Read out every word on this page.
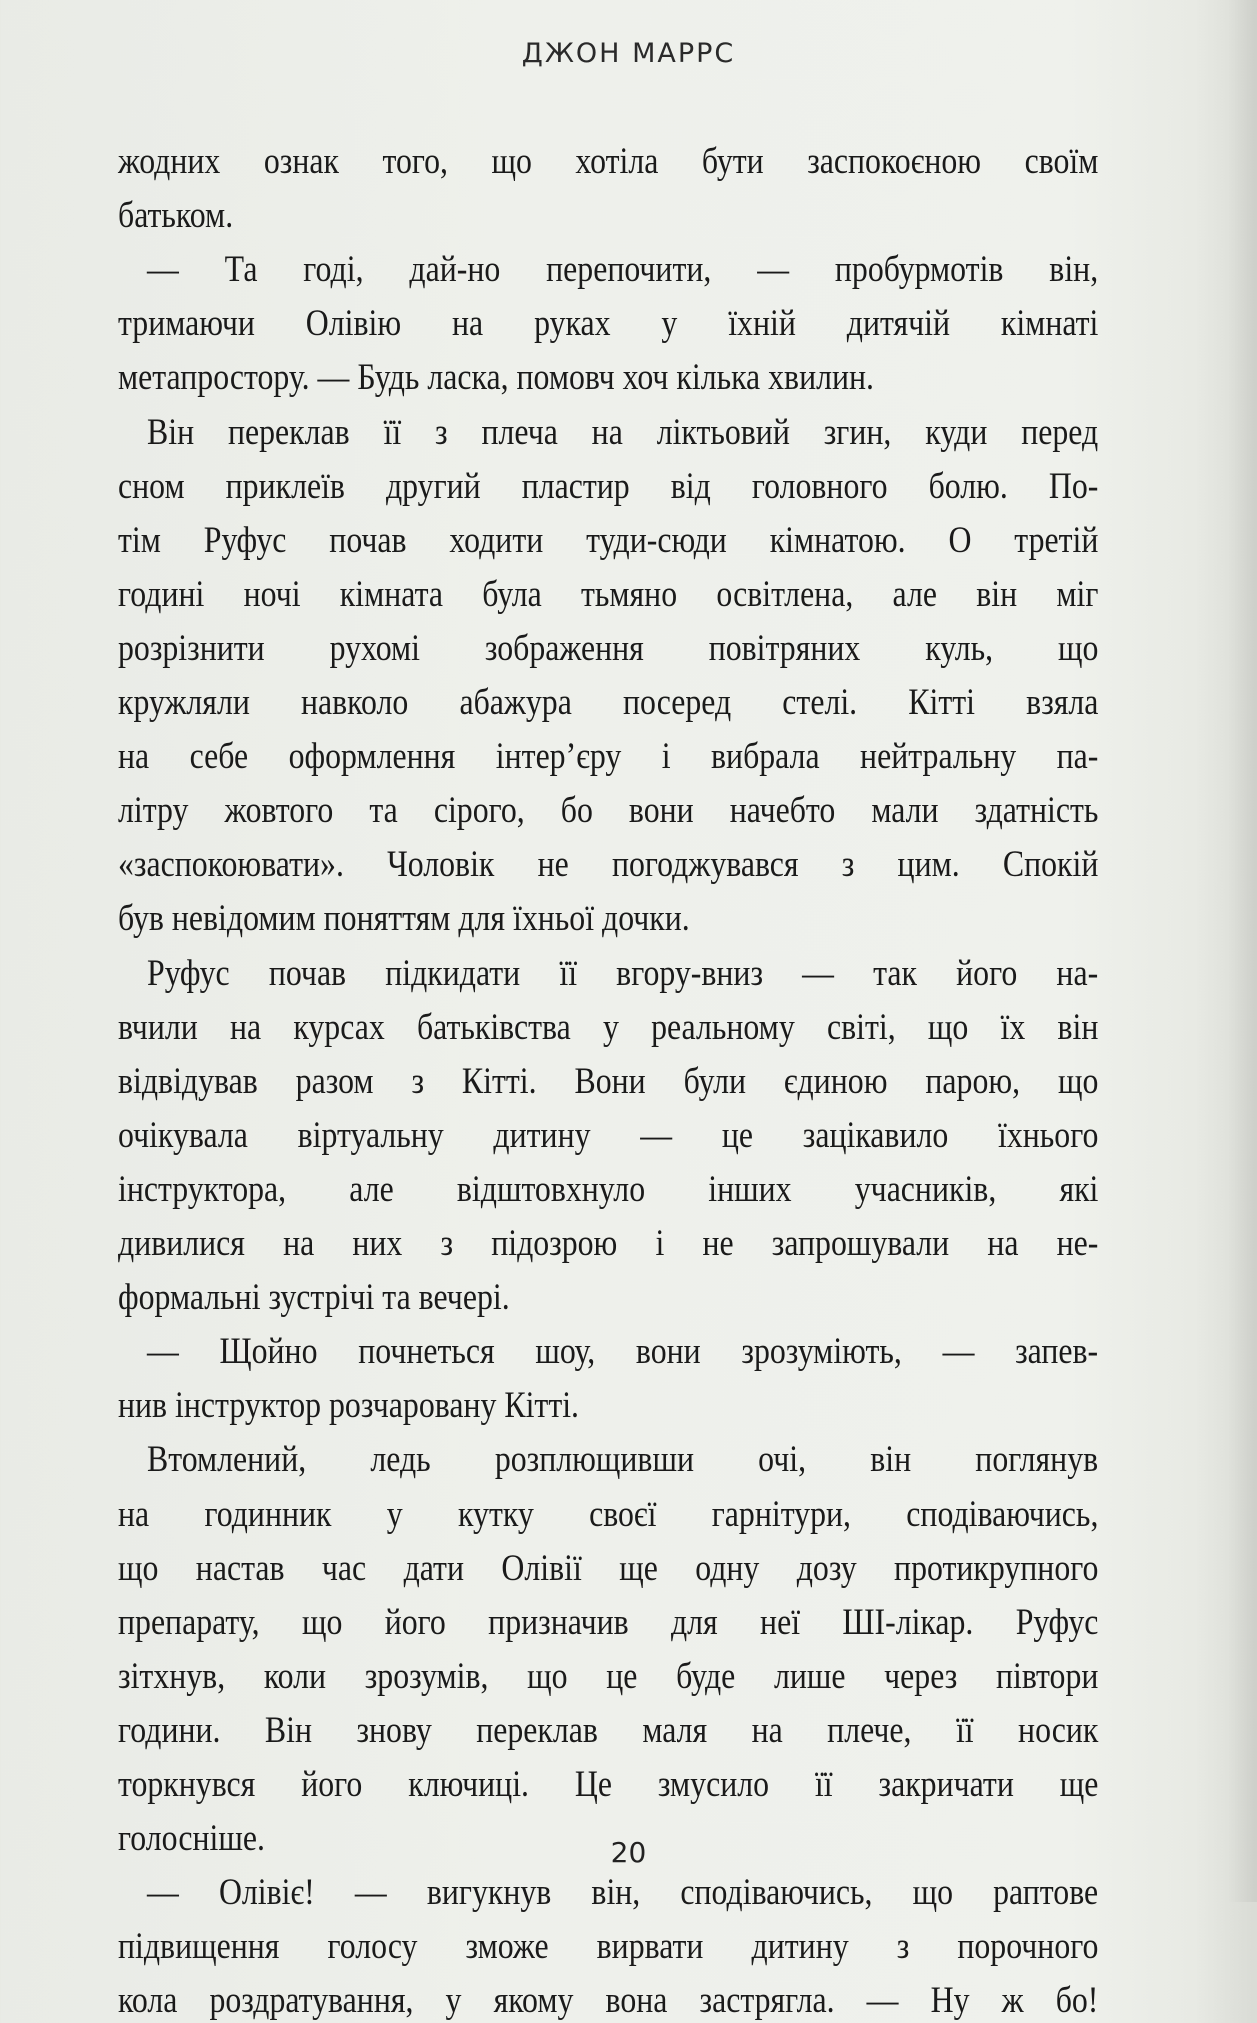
ДЖОН МАРРС
жодних ознак того, що хотіла бути заспокоєною своїм
батьком.
— Та годі, дай-но перепочити, — пробурмотів він,
тримаючи Олівію на руках у їхній дитячій кімнаті
метапростору. — Будь ласка, помовч хоч кілька хвилин.
Він переклав її з плеча на ліктьовий згин, куди перед
сном приклеїв другий пластир від головного болю. По-
тім Руфус почав ходити туди-сюди кімнатою. О третій
годині ночі кімната була тьмяно освітлена, але він міг
розрізнити рухомі зображення повітряних куль, що
кружляли навколо абажура посеред стелі. Кітті взяла
на себе оформлення інтер’єру і вибрала нейтральну па-
літру жовтого та сірого, бо вони начебто мали здатність
«заспокоювати». Чоловік не погоджувався з цим. Спокій
був невідомим поняттям для їхньої дочки.
Руфус почав підкидати її вгору-вниз — так його на-
вчили на курсах батьківства у реальному світі, що їх він
відвідував разом з Кітті. Вони були єдиною парою, що
очікувала віртуальну дитину — це зацікавило їхнього
інструктора, але відштовхнуло інших учасників, які
дивилися на них з підозрою і не запрошували на не-
формальні зустрічі та вечері.
— Щойно почнеться шоу, вони зрозуміють, — запев-
нив інструктор розчаровану Кітті.
Втомлений, ледь розплющивши очі, він поглянув
на годинник у кутку своєї гарнітури, сподіваючись,
що настав час дати Олівії ще одну дозу протикрупного
препарату, що його призначив для неї ШІ-лікар. Руфус
зітхнув, коли зрозумів, що це буде лише через півтори
години. Він знову переклав маля на плече, її носик
торкнувся його ключиці. Це змусило її закричати ще
голосніше.
— Олівіє! — вигукнув він, сподіваючись, що раптове
підвищення голосу зможе вирвати дитину з порочного
кола роздратування, у якому вона застрягла. — Ну ж бо!
20
